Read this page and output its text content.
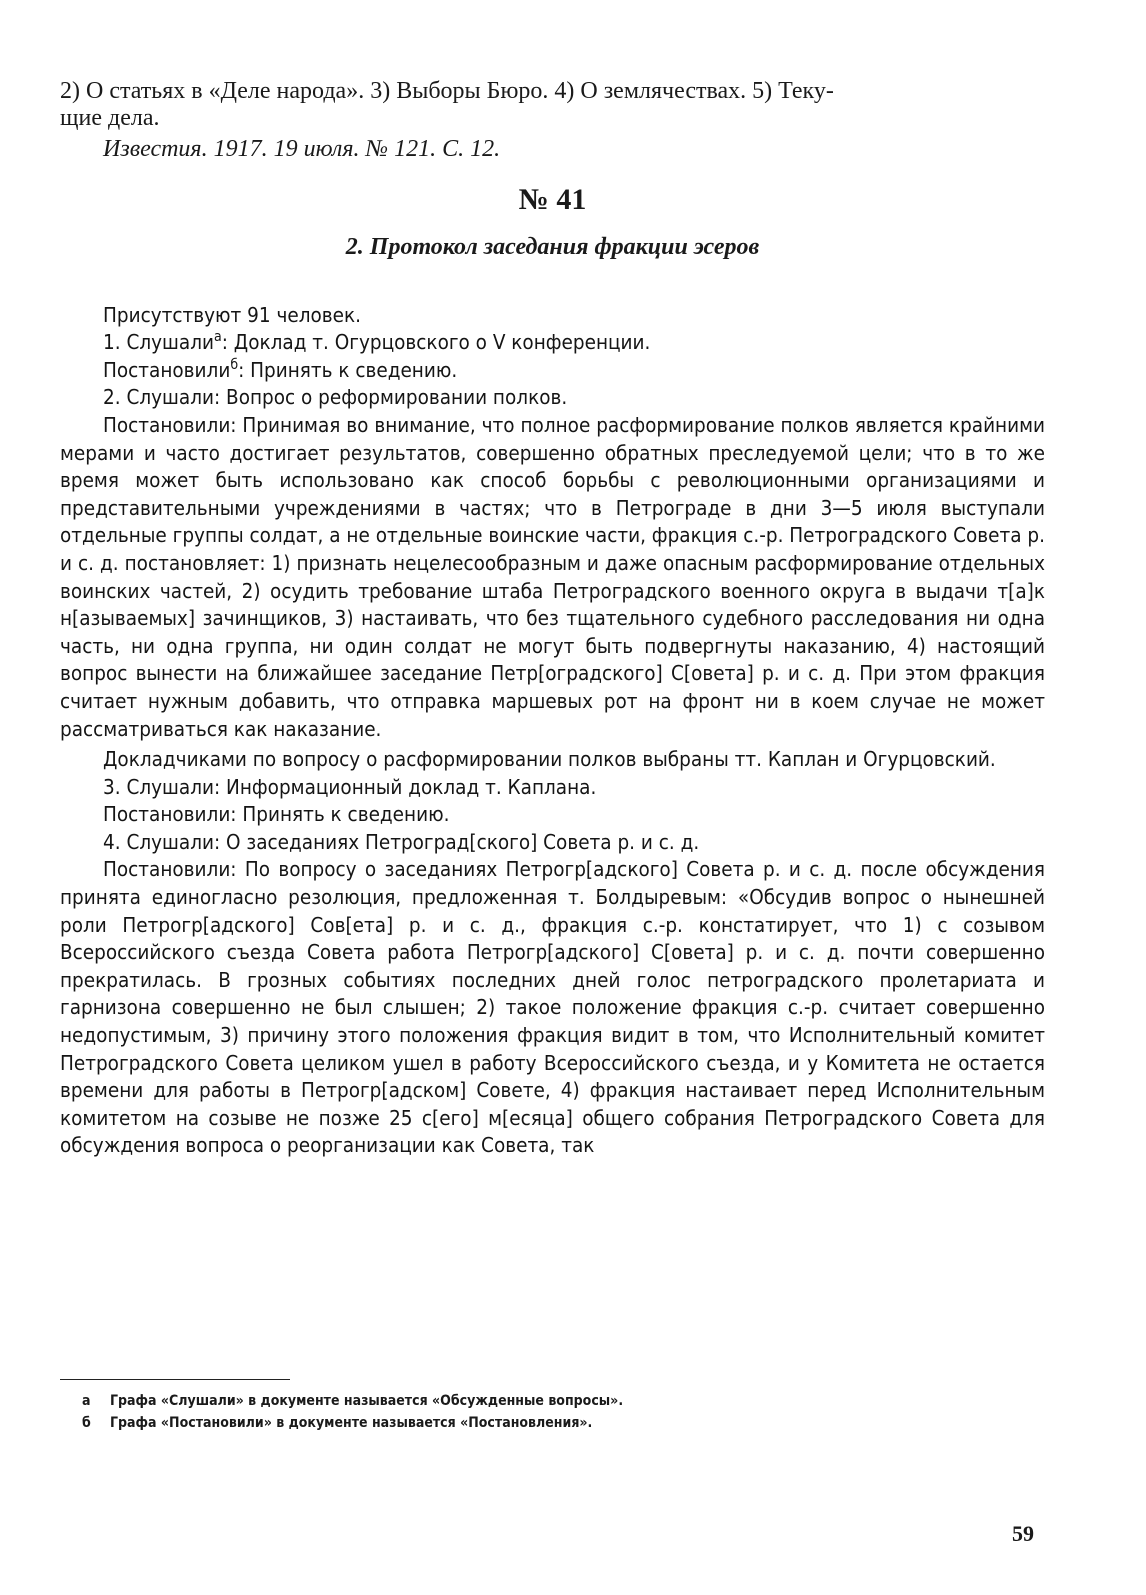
2) О статьях в «Деле народа». 3) Выборы Бюро. 4) О землячествах. 5) Теку-

щие дела.

Известия. 1917. 19 июля. № 121. С. 12.

№ 41

2. Протокол заседания фракции эсеров

Присутствуют 91 человек.

1. Слушали$^а$: Доклад т. Огурцовского о V конференции.

Постановили$^б$: Принять к сведению.

2. Слушали: Вопрос о реформировании полков.

Постановили: Принимая во внимание, что полное расформирование полков является крайними мерами и часто достигает результатов, совершенно обратных преследуемой цели; что в то же время может быть использовано как способ борьбы с революционными организациями и представительными учреждениями в частях; что в Петрограде в дни 3—5 июля выступали отдельные группы солдат, а не отдельные воинские части, фракция с.-р. Петроградского Совета р. и с. д. постановляет: 1) признать нецелесообразным и даже опасным расформирование отдельных воинских частей, 2) осудить требование штаба Петроградского военного округа в выдачи т[а]к н[азываемых] зачинщиков, 3) настаивать, что без тщательного судебного расследования ни одна часть, ни одна группа, ни один солдат не могут быть подвергнуты наказанию, 4) настоящий вопрос вынести на ближайшее заседание Петр[оградского] С[овета] р. и с. д. При этом фракция считает нужным добавить, что отправка маршевых рот на фронт ни в коем случае не может рассматриваться как наказание.

Докладчиками по вопросу о расформировании полков выбраны тт. Каплан и Огурцовский.

3. Слушали: Информационный доклад т. Каплана.

Постановили: Принять к сведению.

4. Слушали: О заседаниях Петроград[ского] Совета р. и с. д.

Постановили: По вопросу о заседаниях Петрогр[адского] Совета р. и с. д. после обсуждения принята единогласно резолюция, предложенная т. Болдыревым: «Обсудив вопрос о нынешней роли Петрогр[адского] Сов[ета] р. и с. д., фракция с.-р. констатирует, что 1) с созывом Всероссийского съезда Совета работа Петрогр[адского] С[овета] р. и с. д. почти совершенно прекратилась. В грозных событиях последних дней голос петроградского пролетариата и гарнизона совершенно не был слышен; 2) такое положение фракция с.-р. считает совершенно недопустимым, 3) причину этого положения фракция видит в том, что Исполнительный комитет Петроградского Совета целиком ушел в работу Всероссийского съезда, и у Комитета не остается времени для работы в Петрогр[адском] Совете, 4) фракция настаивает перед Исполнительным комитетом на созыве не позже 25 с[его] м[есяца] общего собрания Петроградского Совета для обсуждения вопроса о реорганизации как Совета, так

а Графа «Слушали» в документе называется «Обсужденные вопросы».
б Графа «Постановили» в документе называется «Постановления».
59
